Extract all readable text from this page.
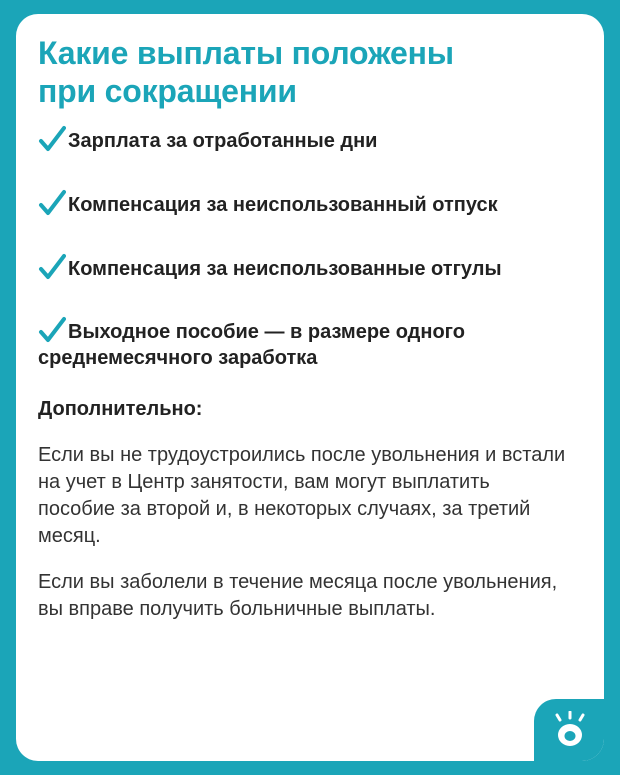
Какие выплаты положены
при сокращении
Зарплата за отработанные дни
Компенсация за неиспользованный отпуск
Компенсация за неиспользованные отгулы
Выходное пособие — в размере одного среднемесячного заработка
Дополнительно:

Если вы не трудоустроились после увольнения и встали на учет в Центр занятости, вам могут выплатить пособие за второй и, в некоторых случаях, за третий месяц.

Если вы заболели в течение месяца после увольнения, вы вправе получить больничные выплаты.
